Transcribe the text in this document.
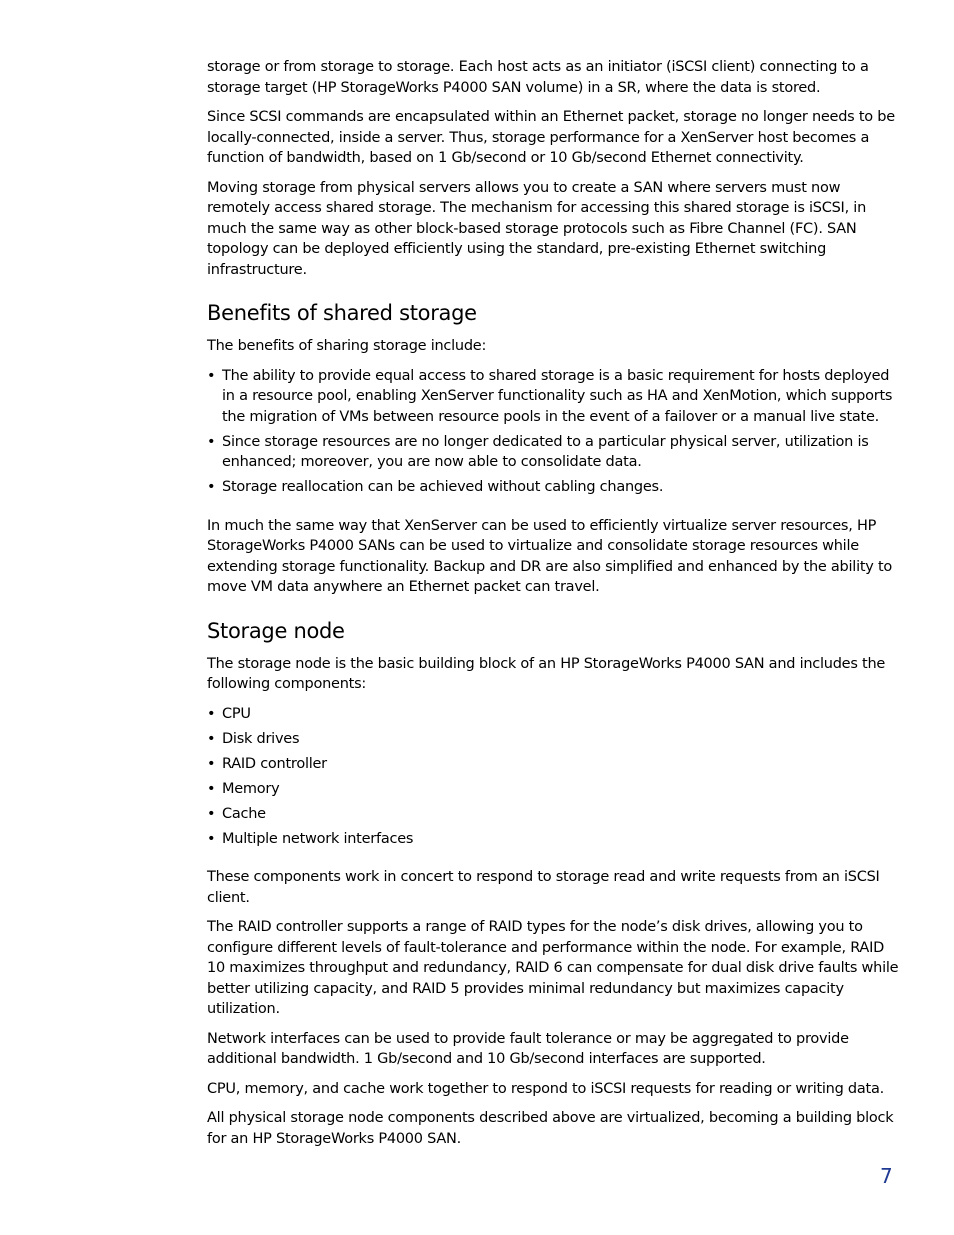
storage or from storage to storage. Each host acts as an initiator (iSCSI client) connecting to a storage target (HP StorageWorks P4000 SAN volume) in a SR, where the data is stored.

Since SCSI commands are encapsulated within an Ethernet packet, storage no longer needs to be locally-connected, inside a server. Thus, storage performance for a XenServer host becomes a function of bandwidth, based on 1 Gb/second or 10 Gb/second Ethernet connectivity.

Moving storage from physical servers allows you to create a SAN where servers must now remotely access shared storage. The mechanism for accessing this shared storage is iSCSI, in much the same way as other block-based storage protocols such as Fibre Channel (FC). SAN topology can be deployed efficiently using the standard, pre-existing Ethernet switching infrastructure.

Benefits of shared storage

The benefits of sharing storage include:

• The ability to provide equal access to shared storage is a basic requirement for hosts deployed in a resource pool, enabling XenServer functionality such as HA and XenMotion, which supports the migration of VMs between resource pools in the event of a failover or a manual live state.
• Since storage resources are no longer dedicated to a particular physical server, utilization is enhanced; moreover, you are now able to consolidate data.
• Storage reallocation can be achieved without cabling changes.

In much the same way that XenServer can be used to efficiently virtualize server resources, HP StorageWorks P4000 SANs can be used to virtualize and consolidate storage resources while extending storage functionality. Backup and DR are also simplified and enhanced by the ability to move VM data anywhere an Ethernet packet can travel.

Storage node

The storage node is the basic building block of an HP StorageWorks P4000 SAN and includes the following components:

• CPU
• Disk drives
• RAID controller
• Memory
• Cache
• Multiple network interfaces

These components work in concert to respond to storage read and write requests from an iSCSI client.

The RAID controller supports a range of RAID types for the node’s disk drives, allowing you to configure different levels of fault-tolerance and performance within the node. For example, RAID 10 maximizes throughput and redundancy, RAID 6 can compensate for dual disk drive faults while better utilizing capacity, and RAID 5 provides minimal redundancy but maximizes capacity utilization.

Network interfaces can be used to provide fault tolerance or may be aggregated to provide additional bandwidth. 1 Gb/second and 10 Gb/second interfaces are supported.

CPU, memory, and cache work together to respond to iSCSI requests for reading or writing data.

All physical storage node components described above are virtualized, becoming a building block for an HP StorageWorks P4000 SAN.

7
